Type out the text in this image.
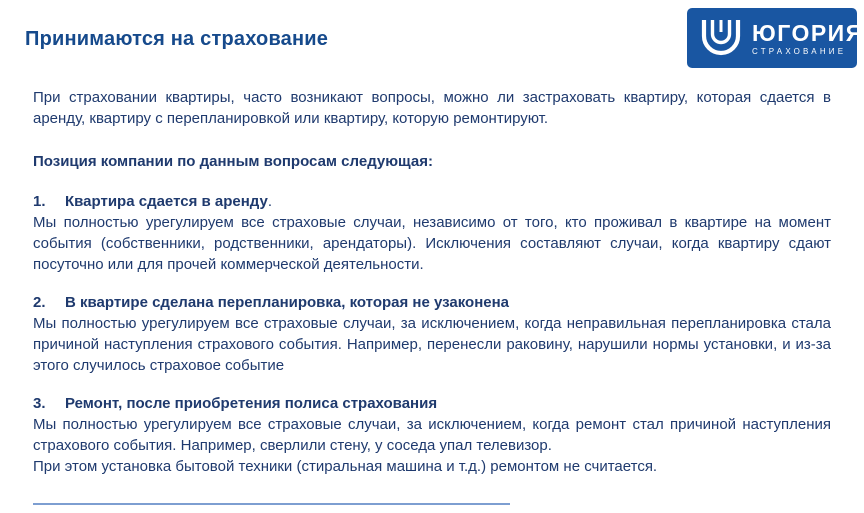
Принимаются на страхование	ЮГОРИЯ
СТРАХОВАНИЕ

При страховании квартиры, часто возникают вопросы, можно ли застраховать квартиру, которая сдается в аренду, квартиру с перепланировкой или квартиру, которую ремонтируют.

Позиция компании по данным вопросам следующая:

1. Квартира сдается в аренду.

Мы полностью урегулируем все страховые случаи, независимо от того, кто проживал в квартире на момент события (собственники, родственники, арендаторы). Исключения составляют случаи, когда квартиру сдают посуточно или для прочей коммерческой деятельности.

2. В квартире сделана перепланировка, которая не узаконена

Мы полностью урегулируем все страховые случаи, за исключением, когда неправильная перепланировка стала причиной наступления страхового события. Например, перенесли раковину, нарушили нормы установки, и из-за этого случилось страховое событие

3. Ремонт, после приобретения полиса страхования

Мы полностью урегулируем все страховые случаи, за исключением, когда ремонт стал причиной наступления страхового события. Например, сверлили стену, у соседа упал телевизор.

При этом установка бытовой техники (стиральная машина и т.д.) ремонтом не считается.
